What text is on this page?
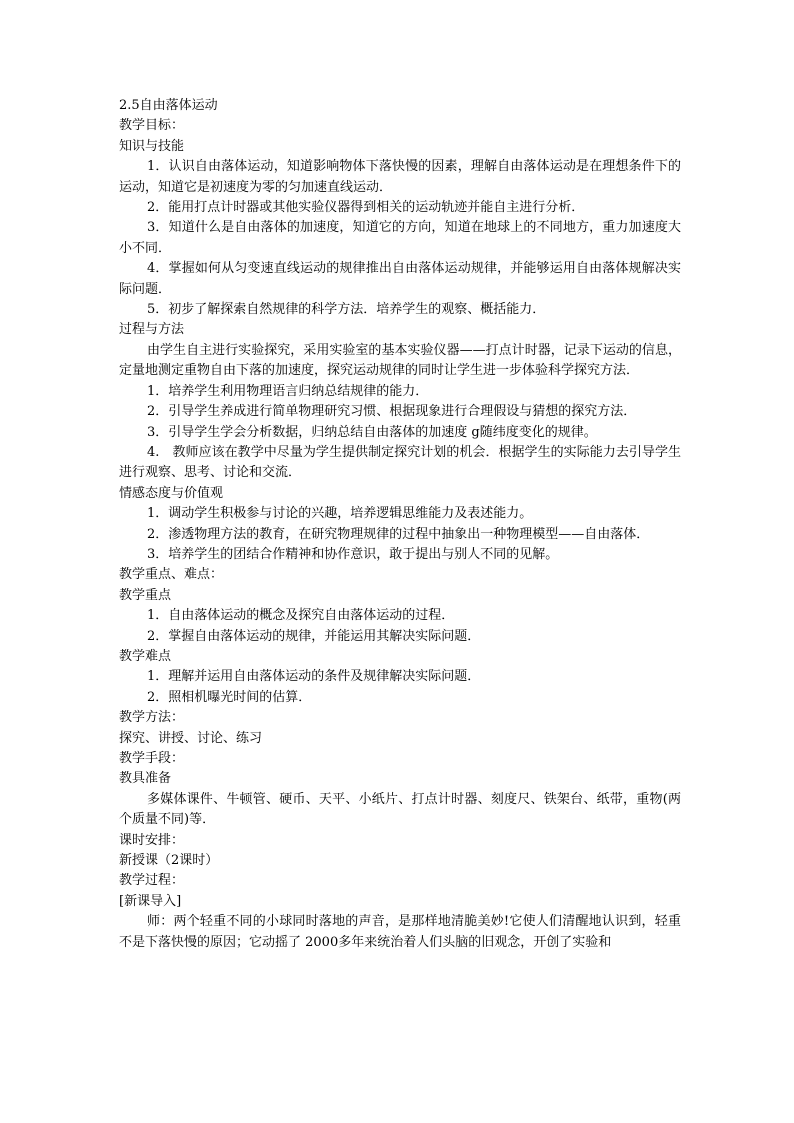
2.5自由落体运动

教学目标：

知识与技能

1．认识自由落体运动，知道影响物体下落快慢的因素，理解自由落体运动是在理想条件下的运动，知道它是初速度为零的匀加速直线运动．

2．能用打点计时器或其他实验仪器得到相关的运动轨迹并能自主进行分析．

3．知道什么是自由落体的加速度，知道它的方向，知道在地球上的不同地方，重力加速度大小不同．

4．掌握如何从匀变速直线运动的规律推出自由落体运动规律，并能够运用自由落体规解决实际问题．

5．初步了解探索自然规律的科学方法．培养学生的观察、概括能力．

过程与方法

由学生自主进行实验探究，采用实验室的基本实验仪器——打点计时器，记录下运动的信息，定量地测定重物自由下落的加速度，探究运动规律的同时让学生进一步体验科学探究方法．

1．培养学生利用物理语言归纳总结规律的能力．

2．引导学生养成进行简单物理研究习惯、根据现象进行合理假设与猜想的探究方法．

3．引导学生学会分析数据，归纳总结自由落体的加速度 g随纬度变化的规律。

4.　教师应该在教学中尽量为学生提供制定探究计划的机会．根据学生的实际能力去引导学生进行观察、思考、讨论和交流．

情感态度与价值观

1．调动学生积极参与讨论的兴趣，培养逻辑思维能力及表述能力。

2．渗透物理方法的教育，在研究物理规律的过程中抽象出一种物理模型——自由落体．

3．培养学生的团结合作精神和协作意识，敢于提出与别人不同的见解。

教学重点、难点：

教学重点

1．自由落体运动的概念及探究自由落体运动的过程．

2．掌握自由落体运动的规律，并能运用其解决实际问题．

教学难点

1．理解并运用自由落体运动的条件及规律解决实际问题．

2．照相机曝光时间的估算．

教学方法：

探究、讲授、讨论、练习

教学手段：

教具准备

多媒体课件、牛顿管、硬币、天平、小纸片、打点计时器、刻度尺、铁架台、纸带，重物(两个质量不同)等．

课时安排：

新授课（2课时）

教学过程：

[新课导入]

师：两个轻重不同的小球同时落地的声音，是那样地清脆美妙!它使人们清醒地认识到，轻重不是下落快慢的原因；它动摇了 2000多年来统治着人们头脑的旧观念，开创了实验和
